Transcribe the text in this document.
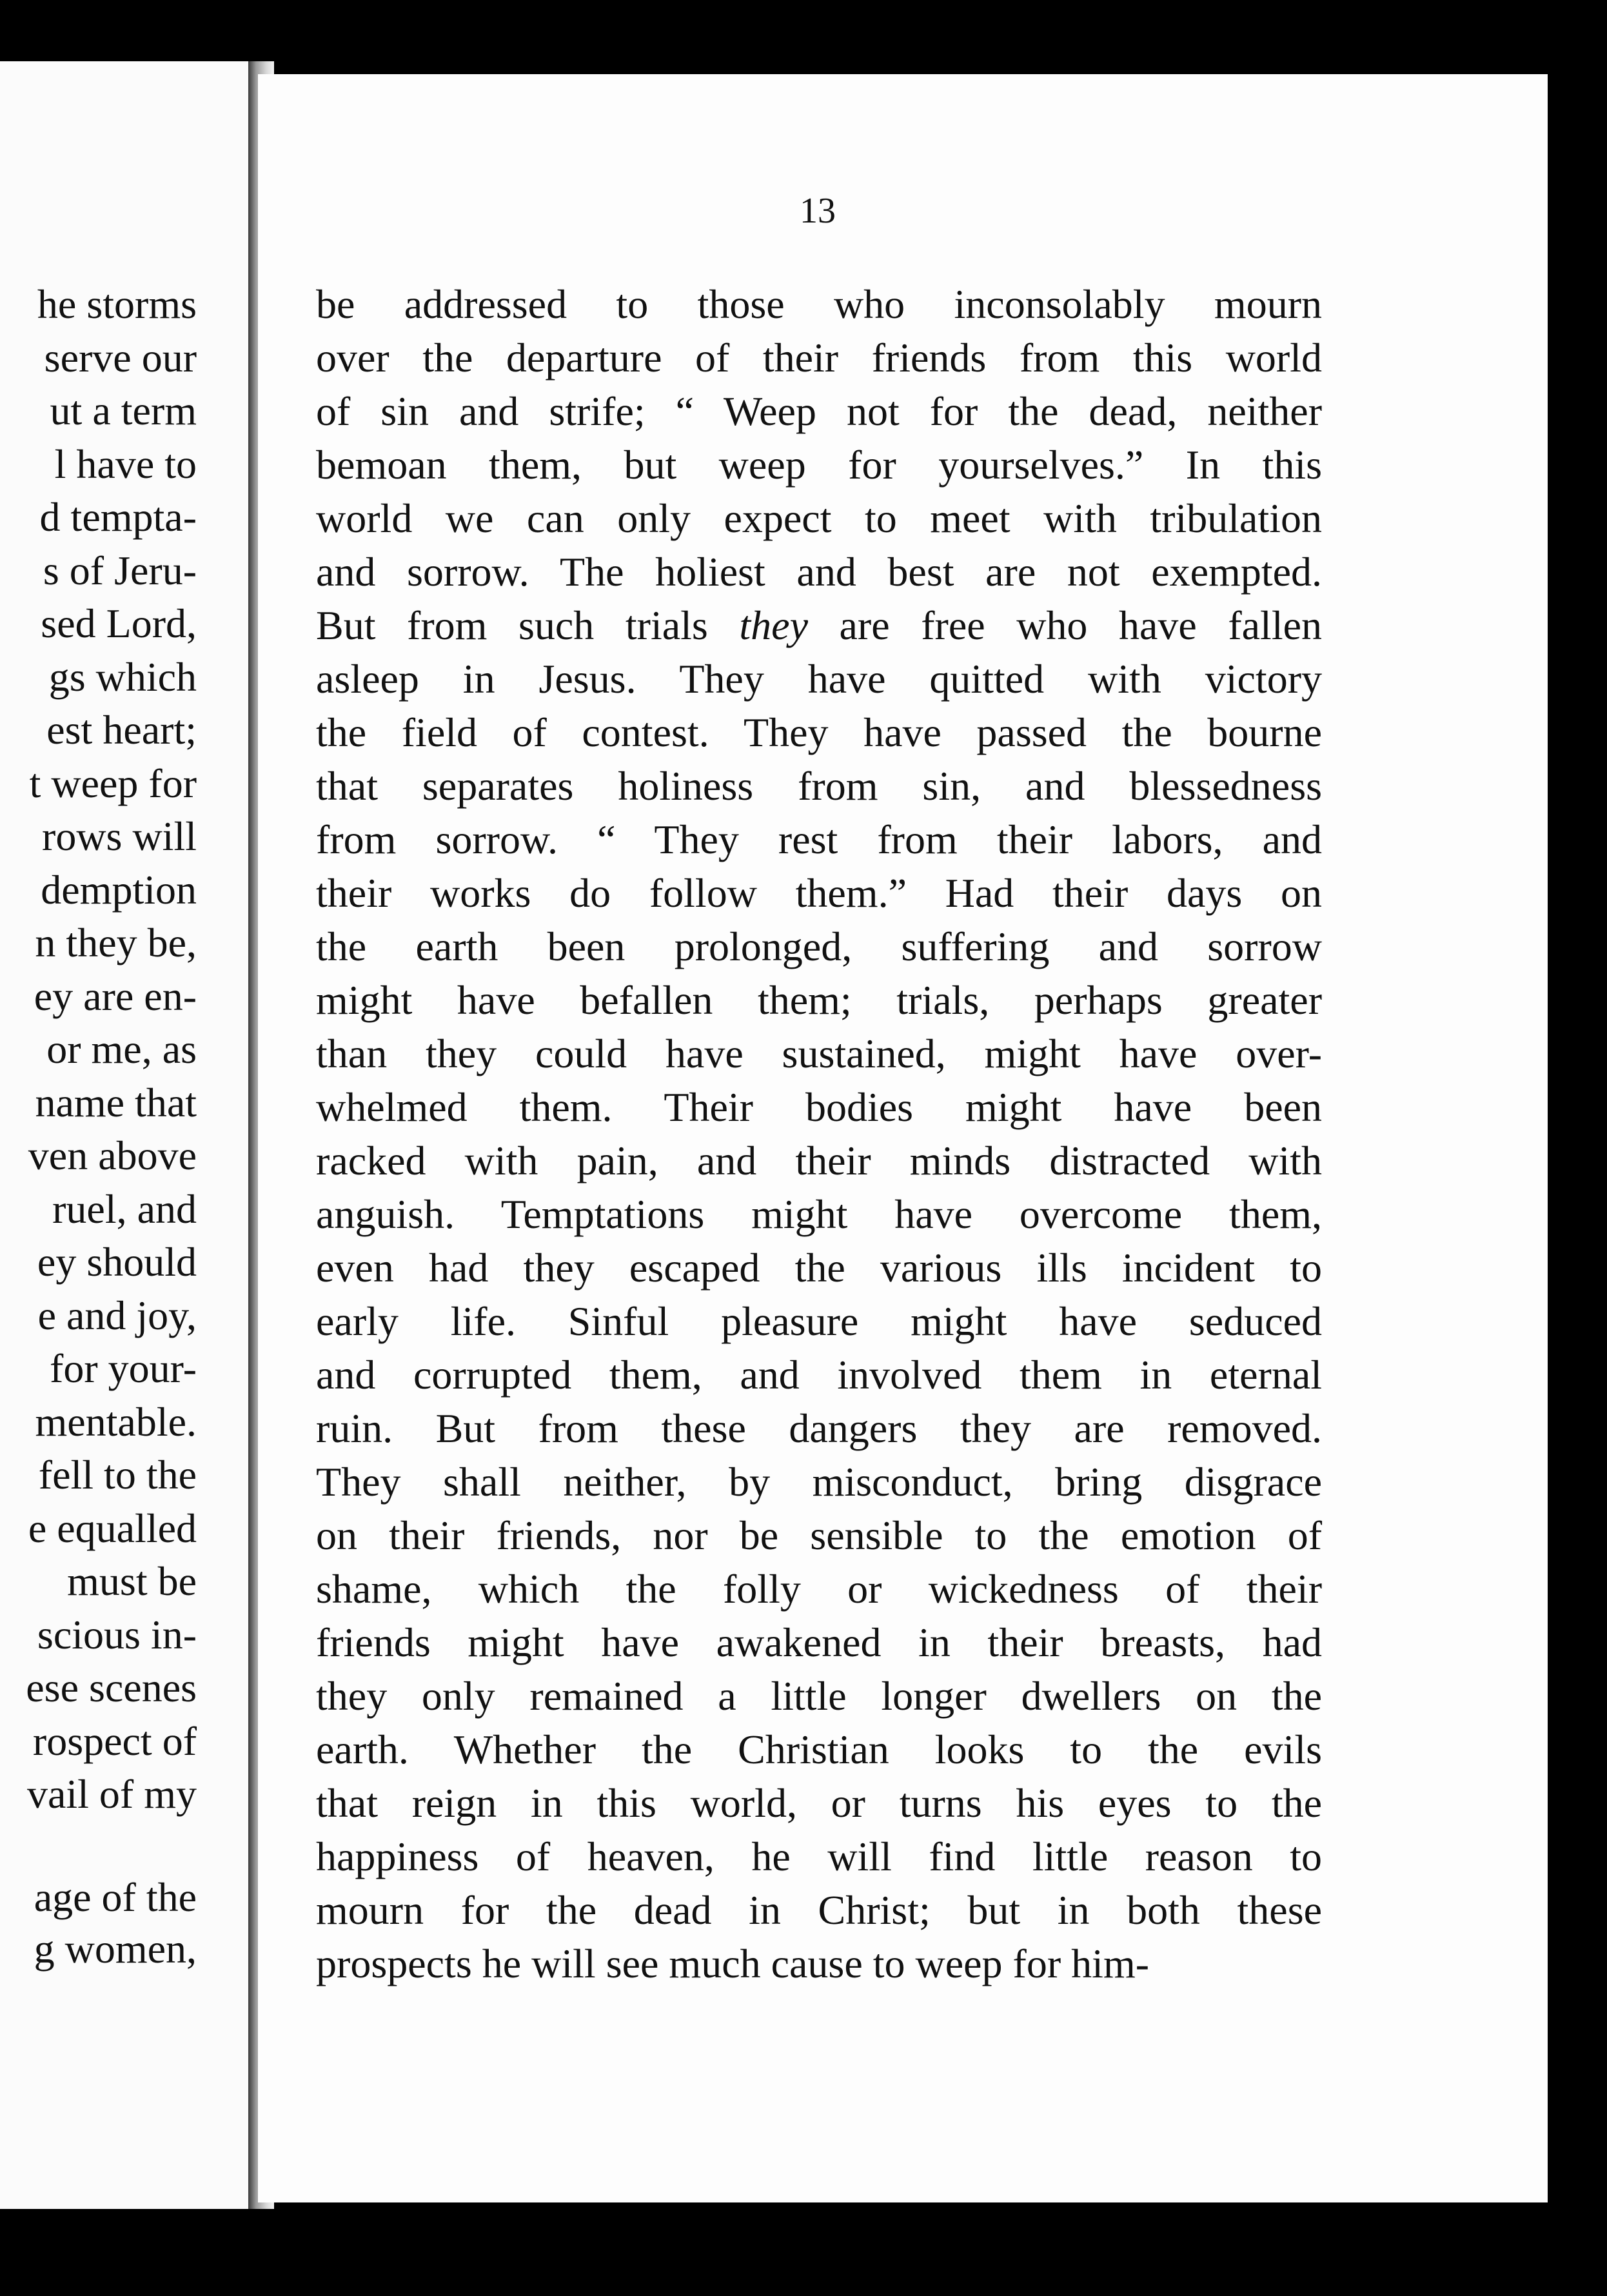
13
he storms
serve our
ut a term
l have to
d tempta-
s of Jeru-
sed Lord,
gs which
est heart;
t weep for
rows will
demption
n they be,
ey are en-
or me, as
name that
ven above
ruel, and
ey should
e and joy,
for your-
mentable.
fell to the
e equalled
must be
scious in-
ese scenes
rospect of
vail of my
age of the
g women,
be addressed to those who inconsolably mourn
over the departure of their friends from this world
of sin and strife; “ Weep not for the dead, neither
bemoan them, but weep for yourselves.” In this
world we can only expect to meet with tribulation
and sorrow. The holiest and best are not exempted.
But from such trials they are free who have fallen
asleep in Jesus. They have quitted with victory
the field of contest. They have passed the bourne
that separates holiness from sin, and blessedness
from sorrow. “ They rest from their labors, and
their works do follow them.” Had their days on
the earth been prolonged, suffering and sorrow
might have befallen them; trials, perhaps greater
than they could have sustained, might have over-
whelmed them. Their bodies might have been
racked with pain, and their minds distracted with
anguish. Temptations might have overcome them,
even had they escaped the various ills incident to
early life. Sinful pleasure might have seduced
and corrupted them, and involved them in eternal
ruin. But from these dangers they are removed.
They shall neither, by misconduct, bring disgrace
on their friends, nor be sensible to the emotion of
shame, which the folly or wickedness of their
friends might have awakened in their breasts, had
they only remained a little longer dwellers on the
earth. Whether the Christian looks to the evils
that reign in this world, or turns his eyes to the
happiness of heaven, he will find little reason to
mourn for the dead in Christ; but in both these
prospects he will see much cause to weep for him-
